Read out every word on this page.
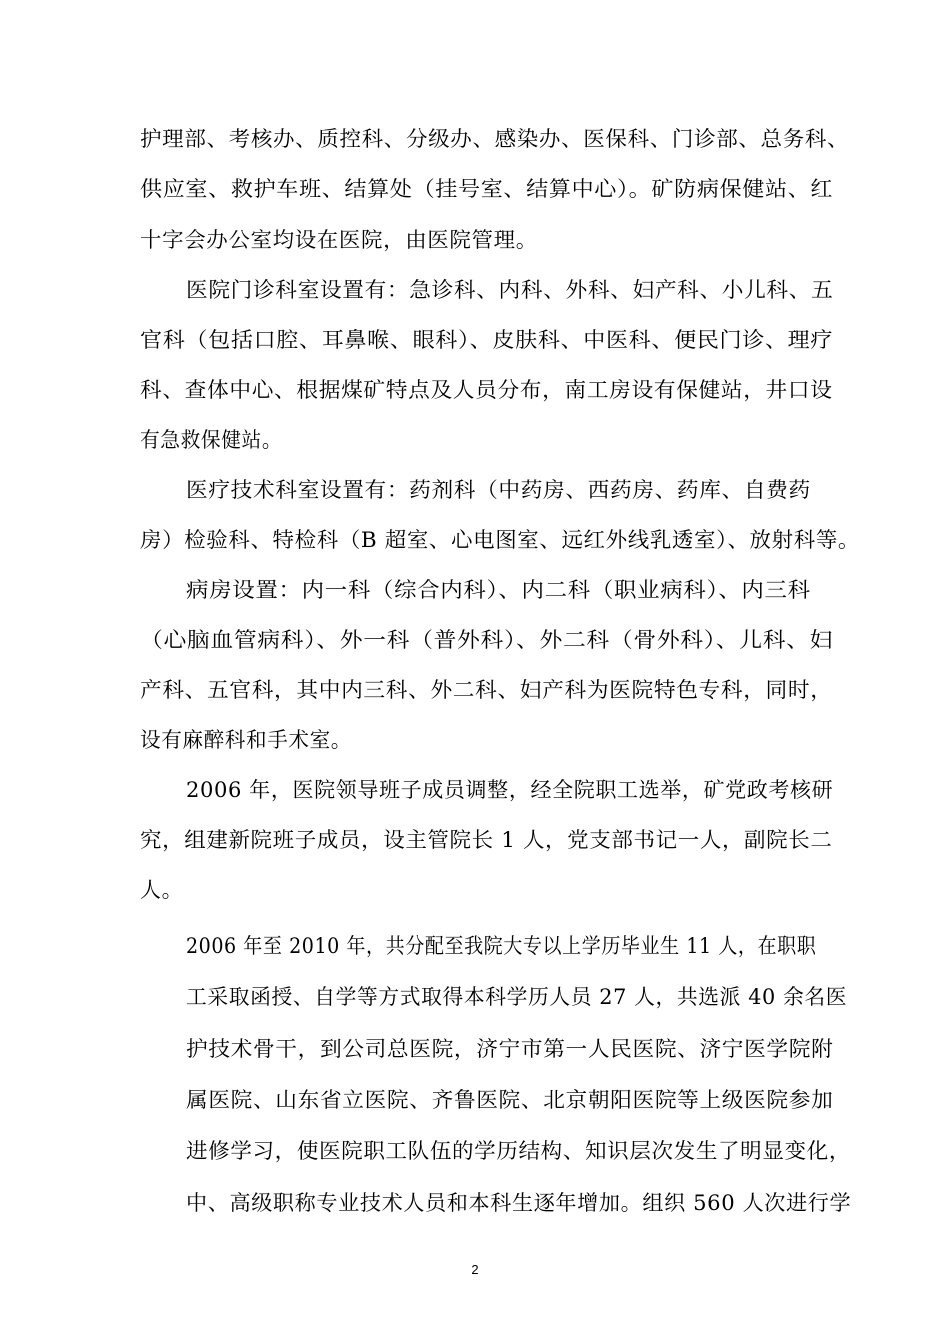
护理部、考核办、质控科、分级办、感染办、医保科、门诊部、总务科、
供应室、救护车班、结算处（挂号室、结算中心）。矿防病保健站、红
十字会办公室均设在医院，由医院管理。
医院门诊科室设置有：急诊科、内科、外科、妇产科、小儿科、五
官科（包括口腔、耳鼻喉、眼科）、皮肤科、中医科、便民门诊、理疗
科、查体中心、根据煤矿特点及人员分布，南工房设有保健站，井口设
有急救保健站。
医疗技术科室设置有：药剂科（中药房、西药房、药库、自费药
房）检验科、特检科（B 超室、心电图室、远红外线乳透室）、放射科等。
病房设置：内一科（综合内科）、内二科（职业病科）、内三科
（心脑血管病科）、外一科（普外科）、外二科（骨外科）、儿科、妇
产科、五官科，其中内三科、外二科、妇产科为医院特色专科，同时，
设有麻醉科和手术室。
2006 年，医院领导班子成员调整，经全院职工选举，矿党政考核研
究，组建新院班子成员，设主管院长 1 人，党支部书记一人，副院长二
人。
2006 年至 2010 年，共分配至我院大专以上学历毕业生 11 人，在职职
工采取函授、自学等方式取得本科学历人员 27 人，共选派 40 余名医
护技术骨干，到公司总医院，济宁市第一人民医院、济宁医学院附
属医院、山东省立医院、齐鲁医院、北京朝阳医院等上级医院参加
进修学习，使医院职工队伍的学历结构、知识层次发生了明显变化，
中、高级职称专业技术人员和本科生逐年增加。组织 560 人次进行学
2
